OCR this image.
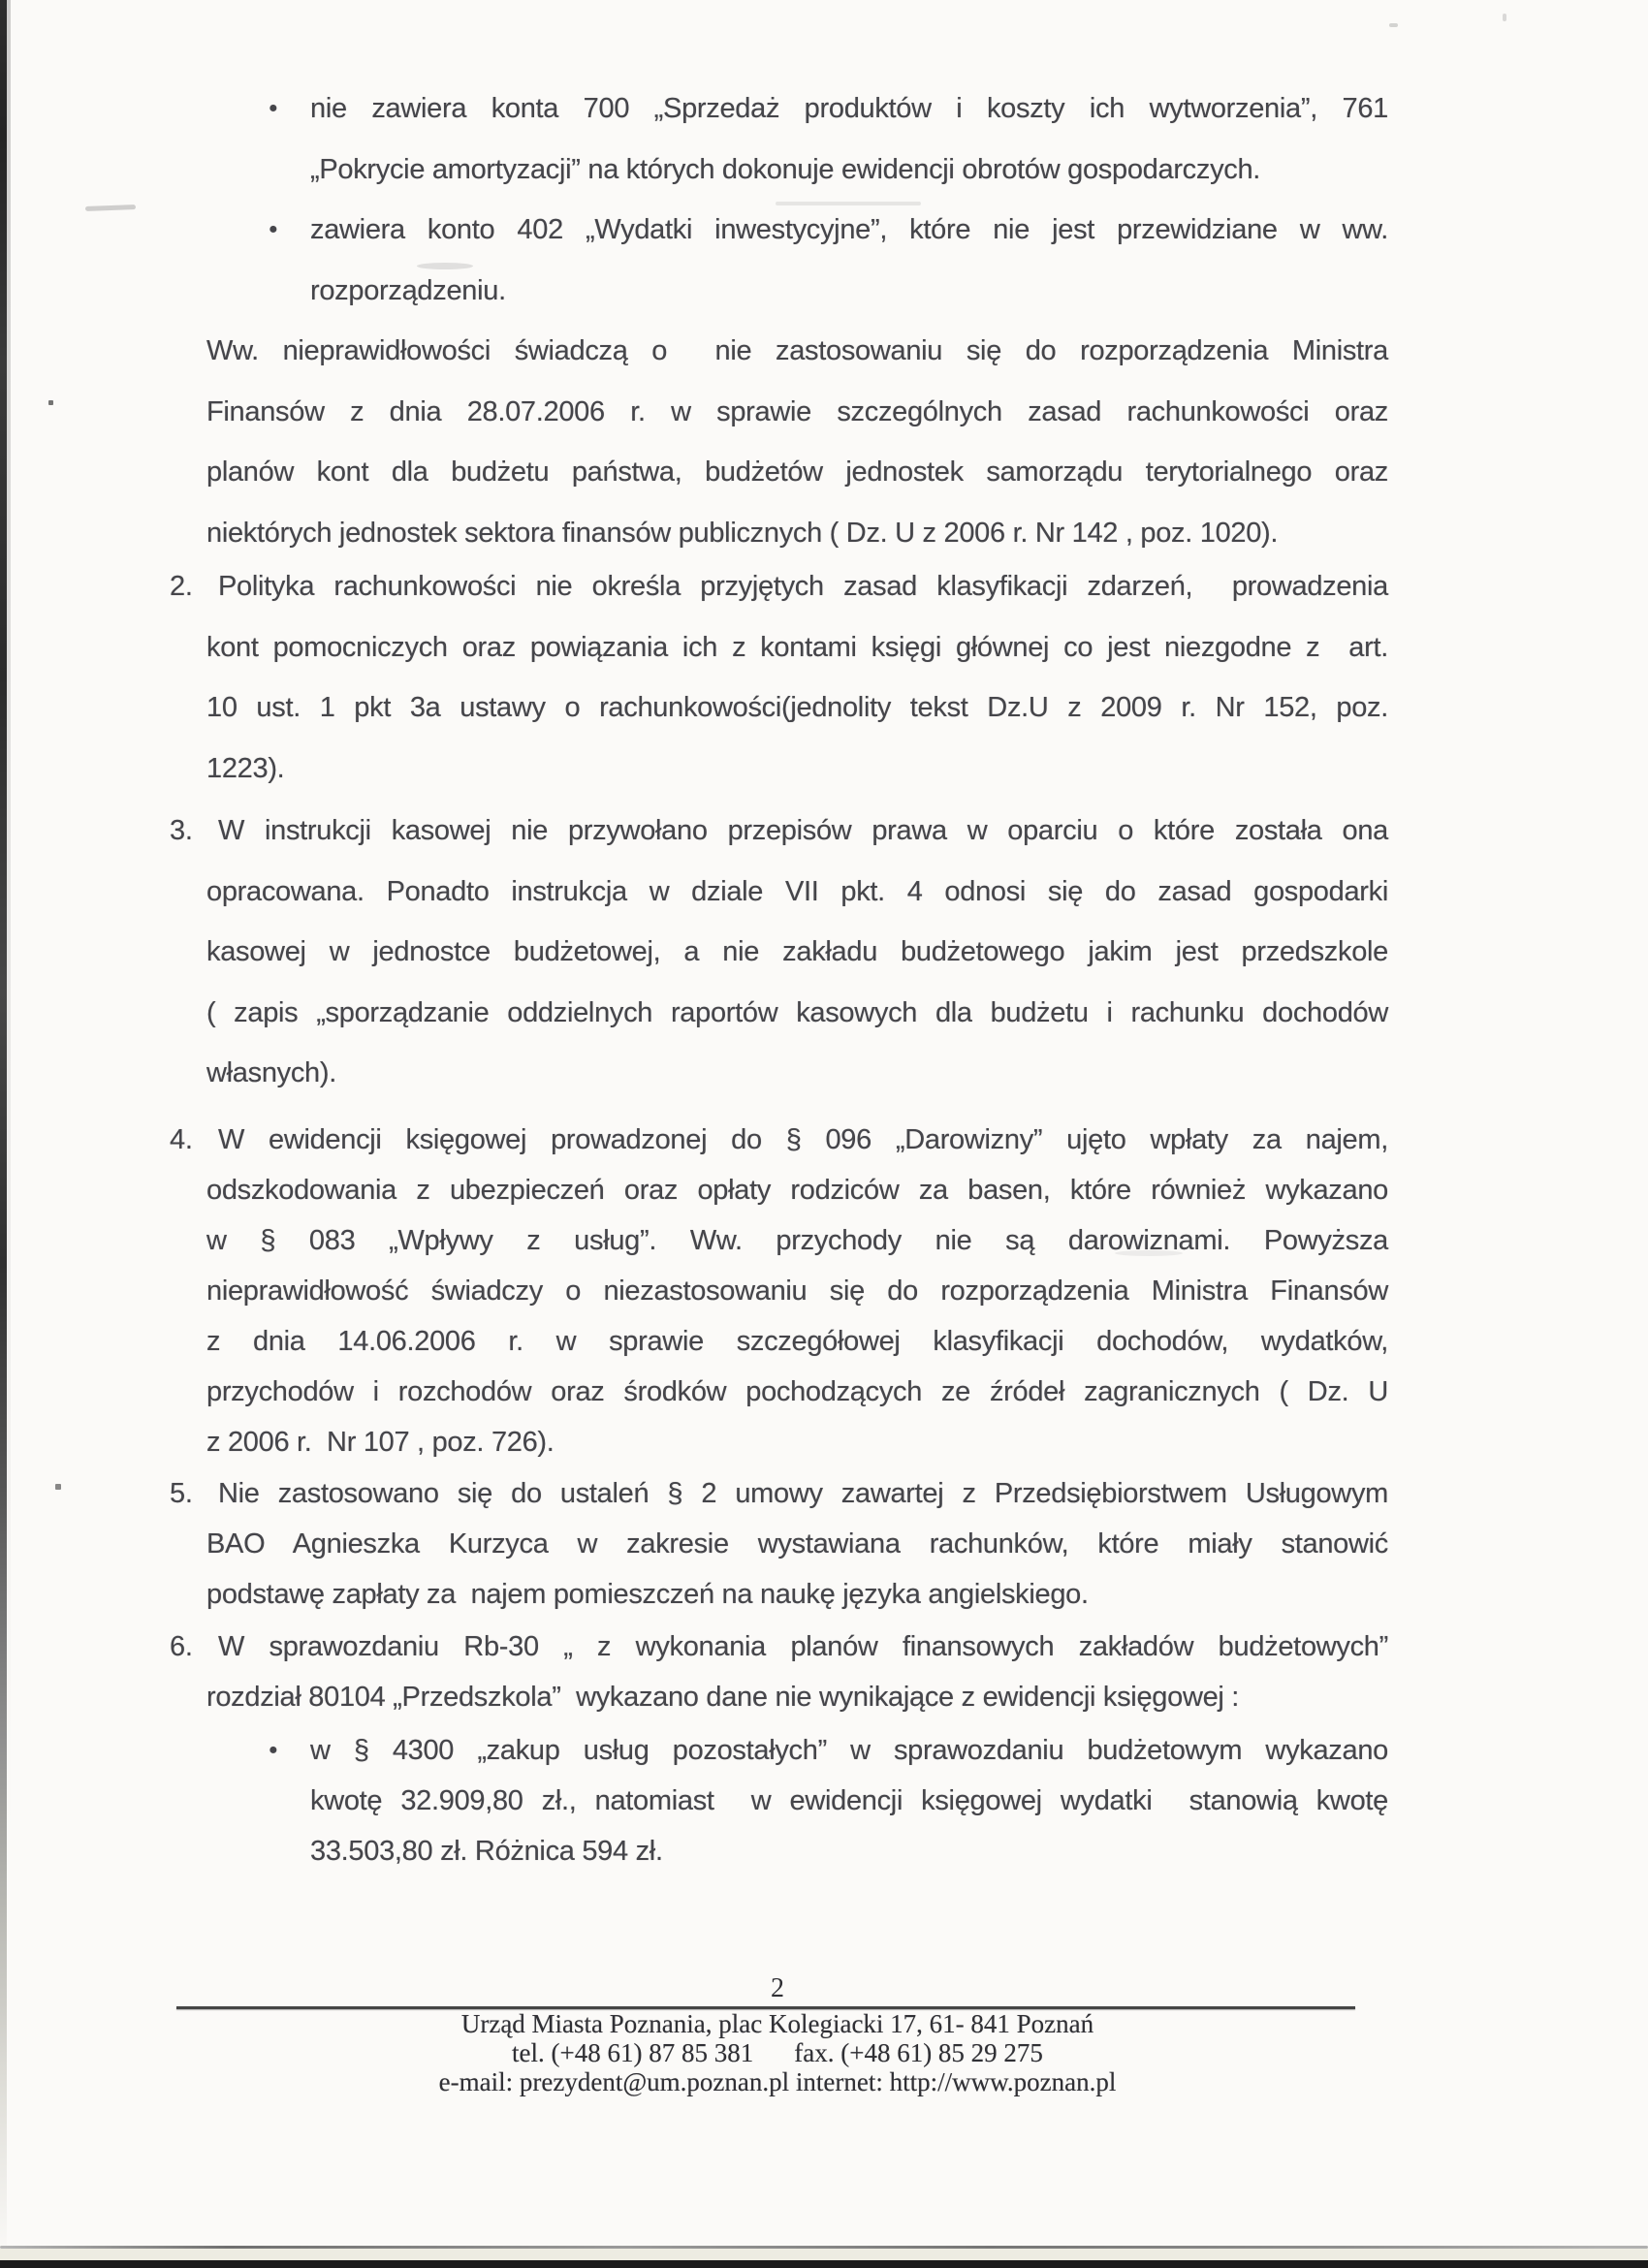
● nie zawiera konta 700 „Sprzedaż produktów i koszty ich wytworzenia”, 761
„Pokrycie amortyzacji” na których dokonuje ewidencji obrotów gospodarczych.
● zawiera konto 402 „Wydatki inwestycyjne”, które nie jest przewidziane w ww.
rozporządzeniu.
Ww. nieprawidłowości świadczą o  nie zastosowaniu się do rozporządzenia Ministra
Finansów z dnia 28.07.2006 r. w sprawie szczególnych zasad rachunkowości oraz
planów kont dla budżetu państwa, budżetów jednostek samorządu terytorialnego oraz
niektórych jednostek sektora finansów publicznych ( Dz. U z 2006 r. Nr 142 , poz. 1020).
2. Polityka rachunkowości nie określa przyjętych zasad klasyfikacji zdarzeń,  prowadzenia
kont pomocniczych oraz powiązania ich z kontami księgi głównej co jest niezgodne z  art.
10 ust. 1 pkt 3a ustawy o rachunkowości(jednolity tekst Dz.U z 2009 r. Nr 152, poz.
1223).
3. W instrukcji kasowej nie przywołano przepisów prawa w oparciu o które została ona
opracowana. Ponadto instrukcja w dziale VII pkt. 4 odnosi się do zasad gospodarki
kasowej w jednostce budżetowej, a nie zakładu budżetowego jakim jest przedszkole
( zapis „sporządzanie oddzielnych raportów kasowych dla budżetu i rachunku dochodów
własnych).
4. W ewidencji księgowej prowadzonej do § 096 „Darowizny” ujęto wpłaty za najem,
odszkodowania z ubezpieczeń oraz opłaty rodziców za basen, które również wykazano
w § 083 „Wpływy z usług”. Ww. przychody nie są darowiznami. Powyższa
nieprawidłowość świadczy o niezastosowaniu się do rozporządzenia Ministra Finansów
z dnia 14.06.2006 r. w sprawie szczegółowej klasyfikacji dochodów, wydatków,
przychodów i rozchodów oraz środków pochodzących ze źródeł zagranicznych ( Dz. U
z 2006 r.  Nr 107 , poz. 726).
5. Nie zastosowano się do ustaleń § 2 umowy zawartej z Przedsiębiorstwem Usługowym
BAO Agnieszka Kurzyca w zakresie wystawiana rachunków, które miały stanowić
podstawę zapłaty za  najem pomieszczeń na naukę języka angielskiego.
6. W sprawozdaniu Rb-30 „ z wykonania planów finansowych zakładów budżetowych”
rozdział 80104 „Przedszkola”  wykazano dane nie wynikające z ewidencji księgowej :
● w § 4300 „zakup usług pozostałych” w sprawozdaniu budżetowym wykazano
kwotę 32.909,80 zł., natomiast  w ewidencji księgowej wydatki  stanowią kwotę
33.503,80 zł. Różnica 594 zł.
2
Urząd Miasta Poznania, plac Kolegiacki 17, 61- 841 Poznań
tel. (+48 61) 87 85 381 fax. (+48 61) 85 29 275
e-mail: prezydent@um.poznan.pl internet: http://www.poznan.pl
